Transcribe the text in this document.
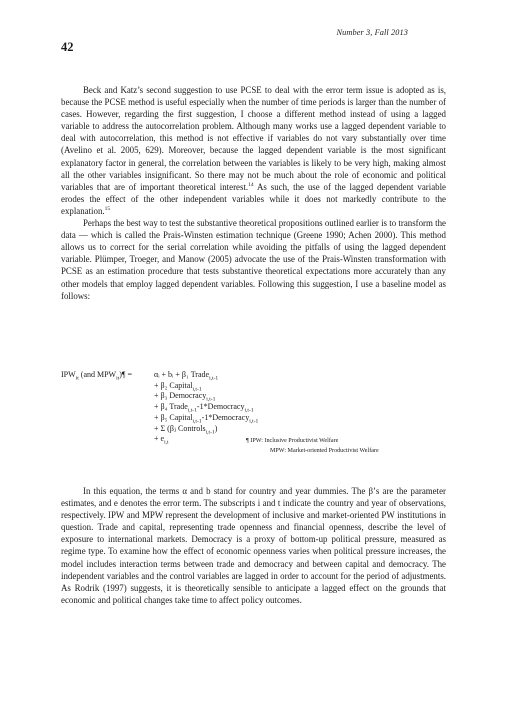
Number 3, Fall 2013
42

Beck and Katz’s second suggestion to use PCSE to deal with the error term issue is adopted as is, because the PCSE method is useful especially when the number of time periods is larger than the number of cases. However, regarding the first suggestion, I choose a different method instead of using a lagged variable to address the autocorrelation problem. Although many works use a lagged dependent variable to deal with autocorrelation, this method is not effective if variables do not vary substantially over time (Avelino et al. 2005, 629). Moreover, because the lagged dependent variable is the most significant explanatory factor in general, the correlation between the variables is likely to be very high, making almost all the other variables insignificant. So there may not be much about the role of economic and political variables that are of important theoretical interest.$^{14}$ As such, the use of the lagged dependent variable erodes the effect of the other independent variables while it does not markedly contribute to the explanation.$^{15}$

Perhaps the best way to test the substantive theoretical propositions outlined earlier is to transform the data — which is called the Prais-Winsten estimation technique (Greene 1990; Achen 2000). This method allows us to correct for the serial correlation while avoiding the pitfalls of using the lagged dependent variable. Plümper, Troeger, and Manow (2005) advocate the use of the Prais-Winsten transformation with PCSE as an estimation procedure that tests substantive theoretical expectations more accurately than any other models that employ lagged dependent variables. Following this suggestion, I use a baseline model as follows:

$IPW_{it}$ (and $MPW_{it})\P$ =	αᵢ + bᵢ + β₁ Trade$_{i,t-1}$
+ β₂ Capital$_{i,t-1}$
+ β₃ Democracy$_{i,t-1}$
+ β₄ Trade$_{i,t-1}$-1*Democracy$_{i,t-1}$
+ β₅ Capital$_{i,t-1}$-1*Democracy$_{i,t-1}$
+ Σ (βⱼ Controls$_{i,t-1}$)
+ $e_{i,t}$	¶ IPW: Inclusive Productivist Welfare
MPW: Market-oriented Productivist Welfare

In this equation, the terms α and b stand for country and year dummies. The β’s are the parameter estimates, and e denotes the error term. The subscripts i and t indicate the country and year of observations, respectively. IPW and MPW represent the development of inclusive and market-oriented PW institutions in question. Trade and capital, representing trade openness and financial openness, describe the level of exposure to international markets. Democracy is a proxy of bottom-up political pressure, measured as regime type. To examine how the effect of economic openness varies when political pressure increases, the model includes interaction terms between trade and democracy and between capital and democracy. The independent variables and the control variables are lagged in order to account for the period of adjustments. As Rodrik (1997) suggests, it is theoretically sensible to anticipate a lagged effect on the grounds that economic and political changes take time to affect policy outcomes.
